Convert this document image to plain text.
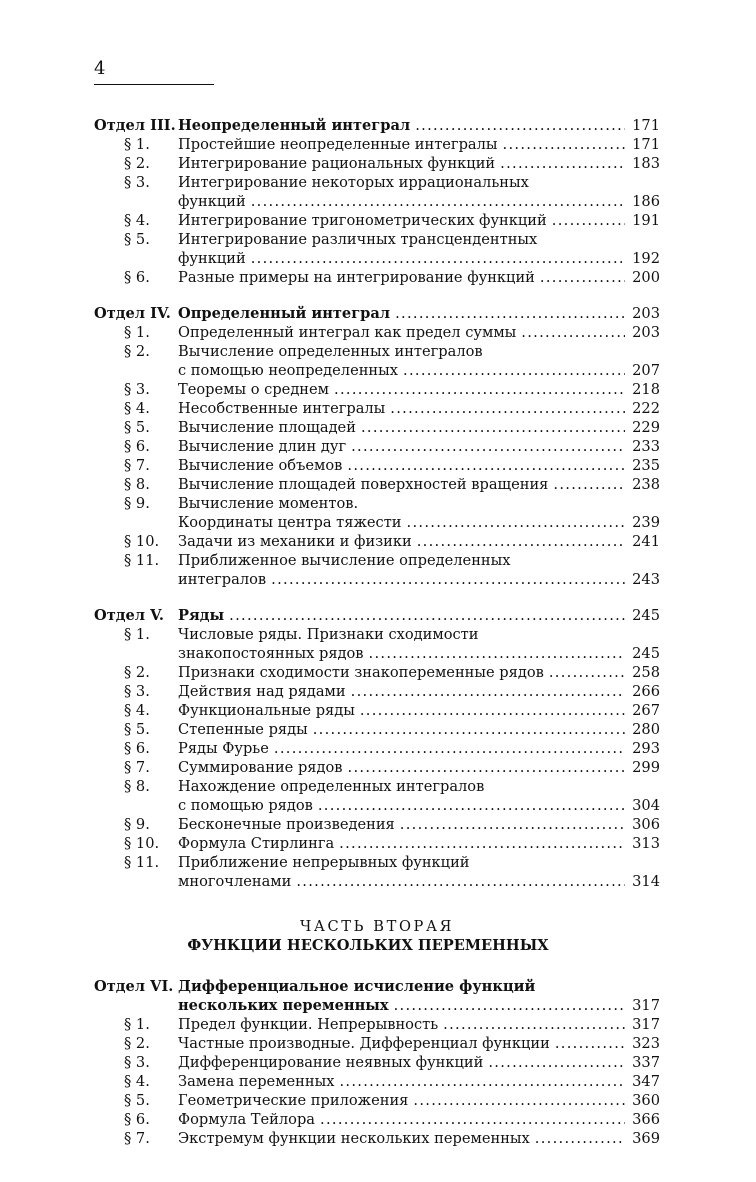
4
Отдел III. Неопределенный интеграл .....	171
§ 1. Простейшие неопределенные интегралы .....	171
§ 2. Интегрирование рациональных функций .....	183
§ 3. Интегрирование некоторых иррациональных
функций .....	186
§ 4. Интегрирование тригонометрических функций .....	191
§ 5. Интегрирование различных трансцендентных
функций .....	192
§ 6. Разные примеры на интегрирование функций .....	200
Отдел IV. Определенный интеграл .....	203
§ 1. Определенный интеграл как предел суммы .....	203
§ 2. Вычисление определенных интегралов
с помощью неопределенных .....	207
§ 3. Теоремы о среднем .....	218
§ 4. Несобственные интегралы .....	222
§ 5. Вычисление площадей .....	229
§ 6. Вычисление длин дуг .....	233
§ 7. Вычисление объемов .....	235
§ 8. Вычисление площадей поверхностей вращения .....	238
§ 9. Вычисление моментов.
Координаты центра тяжести .....	239
§ 10. Задачи из механики и физики .....	241
§ 11. Приближенное вычисление определенных
интегралов .....	243
Отдел V. Ряды .....	245
§ 1. Числовые ряды. Признаки сходимости
знакопостоянных рядов .....	245
§ 2. Признаки сходимости знакопеременные рядов .....	258
§ 3. Действия над рядами .....	266
§ 4. Функциональные ряды .....	267
§ 5. Степенные ряды .....	280
§ 6. Ряды Фурье .....	293
§ 7. Суммирование рядов .....	299
§ 8. Нахождение определенных интегралов
с помощью рядов .....	304
§ 9. Бесконечные произведения .....	306
§ 10. Формула Стирлинга .....	313
§ 11. Приближение непрерывных функций
многочленами .....	314
ЧАСТЬ ВТОРАЯ
ФУНКЦИИ НЕСКОЛЬКИХ ПЕРЕМЕННЫХ
Отдел VI. Дифференциальное исчисление функций
нескольких переменных .....	317
§ 1. Предел функции. Непрерывность .....	317
§ 2. Частные производные. Дифференциал функции .....	323
§ 3. Дифференцирование неявных функций .....	337
§ 4. Замена переменных .....	347
§ 5. Геометрические приложения .....	360
§ 6. Формула Тейлора .....	366
§ 7. Экстремум функции нескольких переменных .....	369
